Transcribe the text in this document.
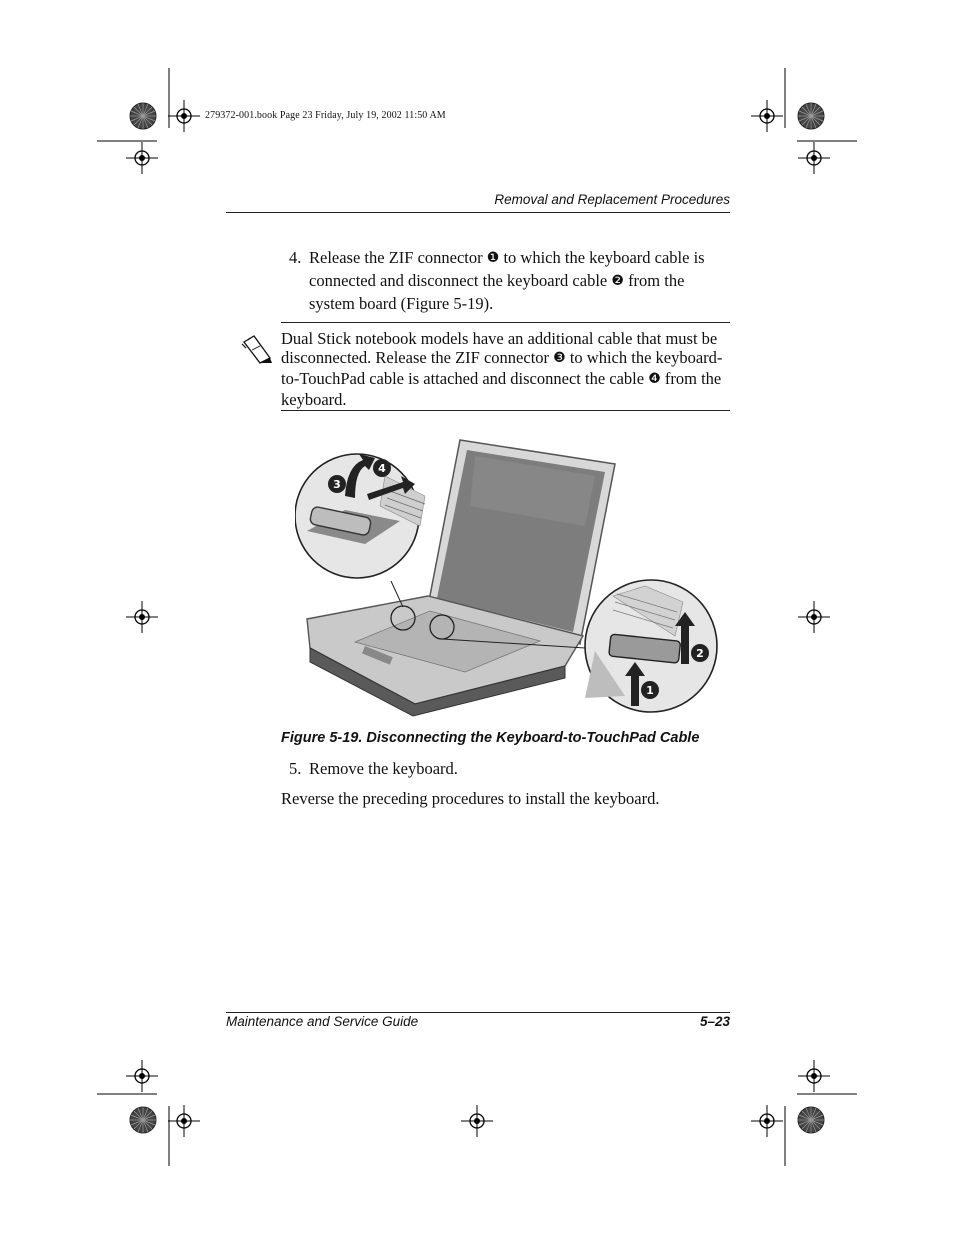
279372-001.book Page 23 Friday, July 19, 2002 11:50 AM
Removal and Replacement Procedures
4. Release the ZIF connector ❶ to which the keyboard cable is connected and disconnect the keyboard cable ❷ from the system board (Figure 5-19).
Dual Stick notebook models have an additional cable that must be disconnected. Release the ZIF connector ❸ to which the keyboard-to-TouchPad cable is attached and disconnect the cable ❹ from the keyboard.
3
4
1
2
Figure 5-19. Disconnecting the Keyboard-to-TouchPad Cable
5. Remove the keyboard.
Reverse the preceding procedures to install the keyboard.
Maintenance and Service Guide	5–23
